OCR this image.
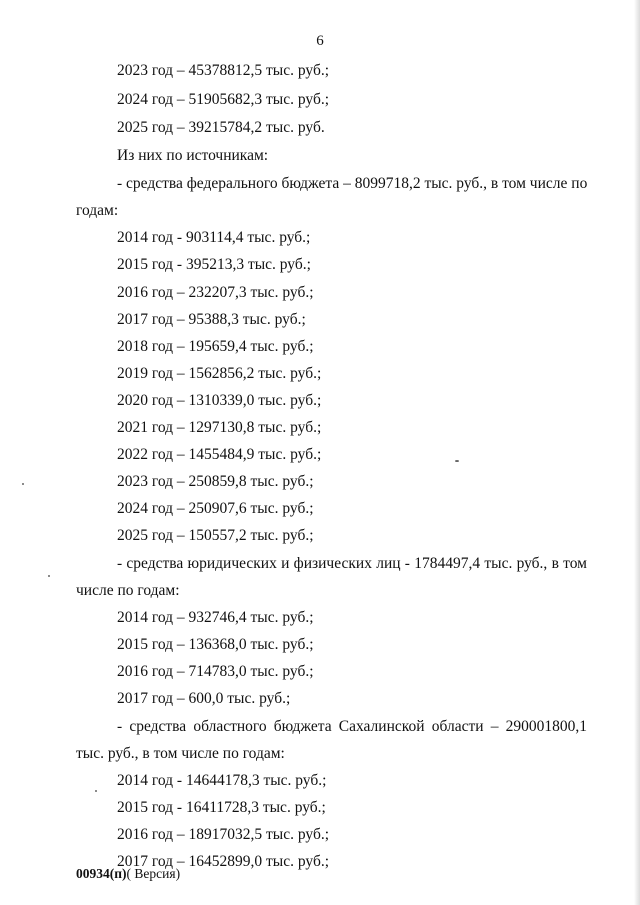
6
2023 год – 45378812,5 тыс. руб.;
2024 год – 51905682,3 тыс. руб.;
2025 год – 39215784,2 тыс. руб.
Из них по источникам:
- средства федерального бюджета – 8099718,2 тыс. руб., в том числе по
годам:
2014 год - 903114,4 тыс. руб.;
2015 год - 395213,3 тыс. руб.;
2016 год – 232207,3 тыс. руб.;
2017 год – 95388,3 тыс. руб.;
2018 год – 195659,4 тыс. руб.;
2019 год – 1562856,2 тыс. руб.;
2020 год – 1310339,0 тыс. руб.;
2021 год – 1297130,8 тыс. руб.;
2022 год – 1455484,9 тыс. руб.;
2023 год – 250859,8 тыс. руб.;
2024 год – 250907,6 тыс. руб.;
2025 год – 150557,2 тыс. руб.;
- средства юридических и физических лиц - 1784497,4 тыс. руб., в том
числе по годам:
2014 год – 932746,4 тыс. руб.;
2015 год – 136368,0 тыс. руб.;
2016 год – 714783,0 тыс. руб.;
2017 год – 600,0 тыс. руб.;
- средства областного бюджета Сахалинской области – 290001800,1
тыс. руб., в том числе по годам:
2014 год - 14644178,3 тыс. руб.;
2015 год - 16411728,3 тыс. руб.;
2016 год – 18917032,5 тыс. руб.;
2017 год – 16452899,0 тыс. руб.;
00934(п)( Версия)
